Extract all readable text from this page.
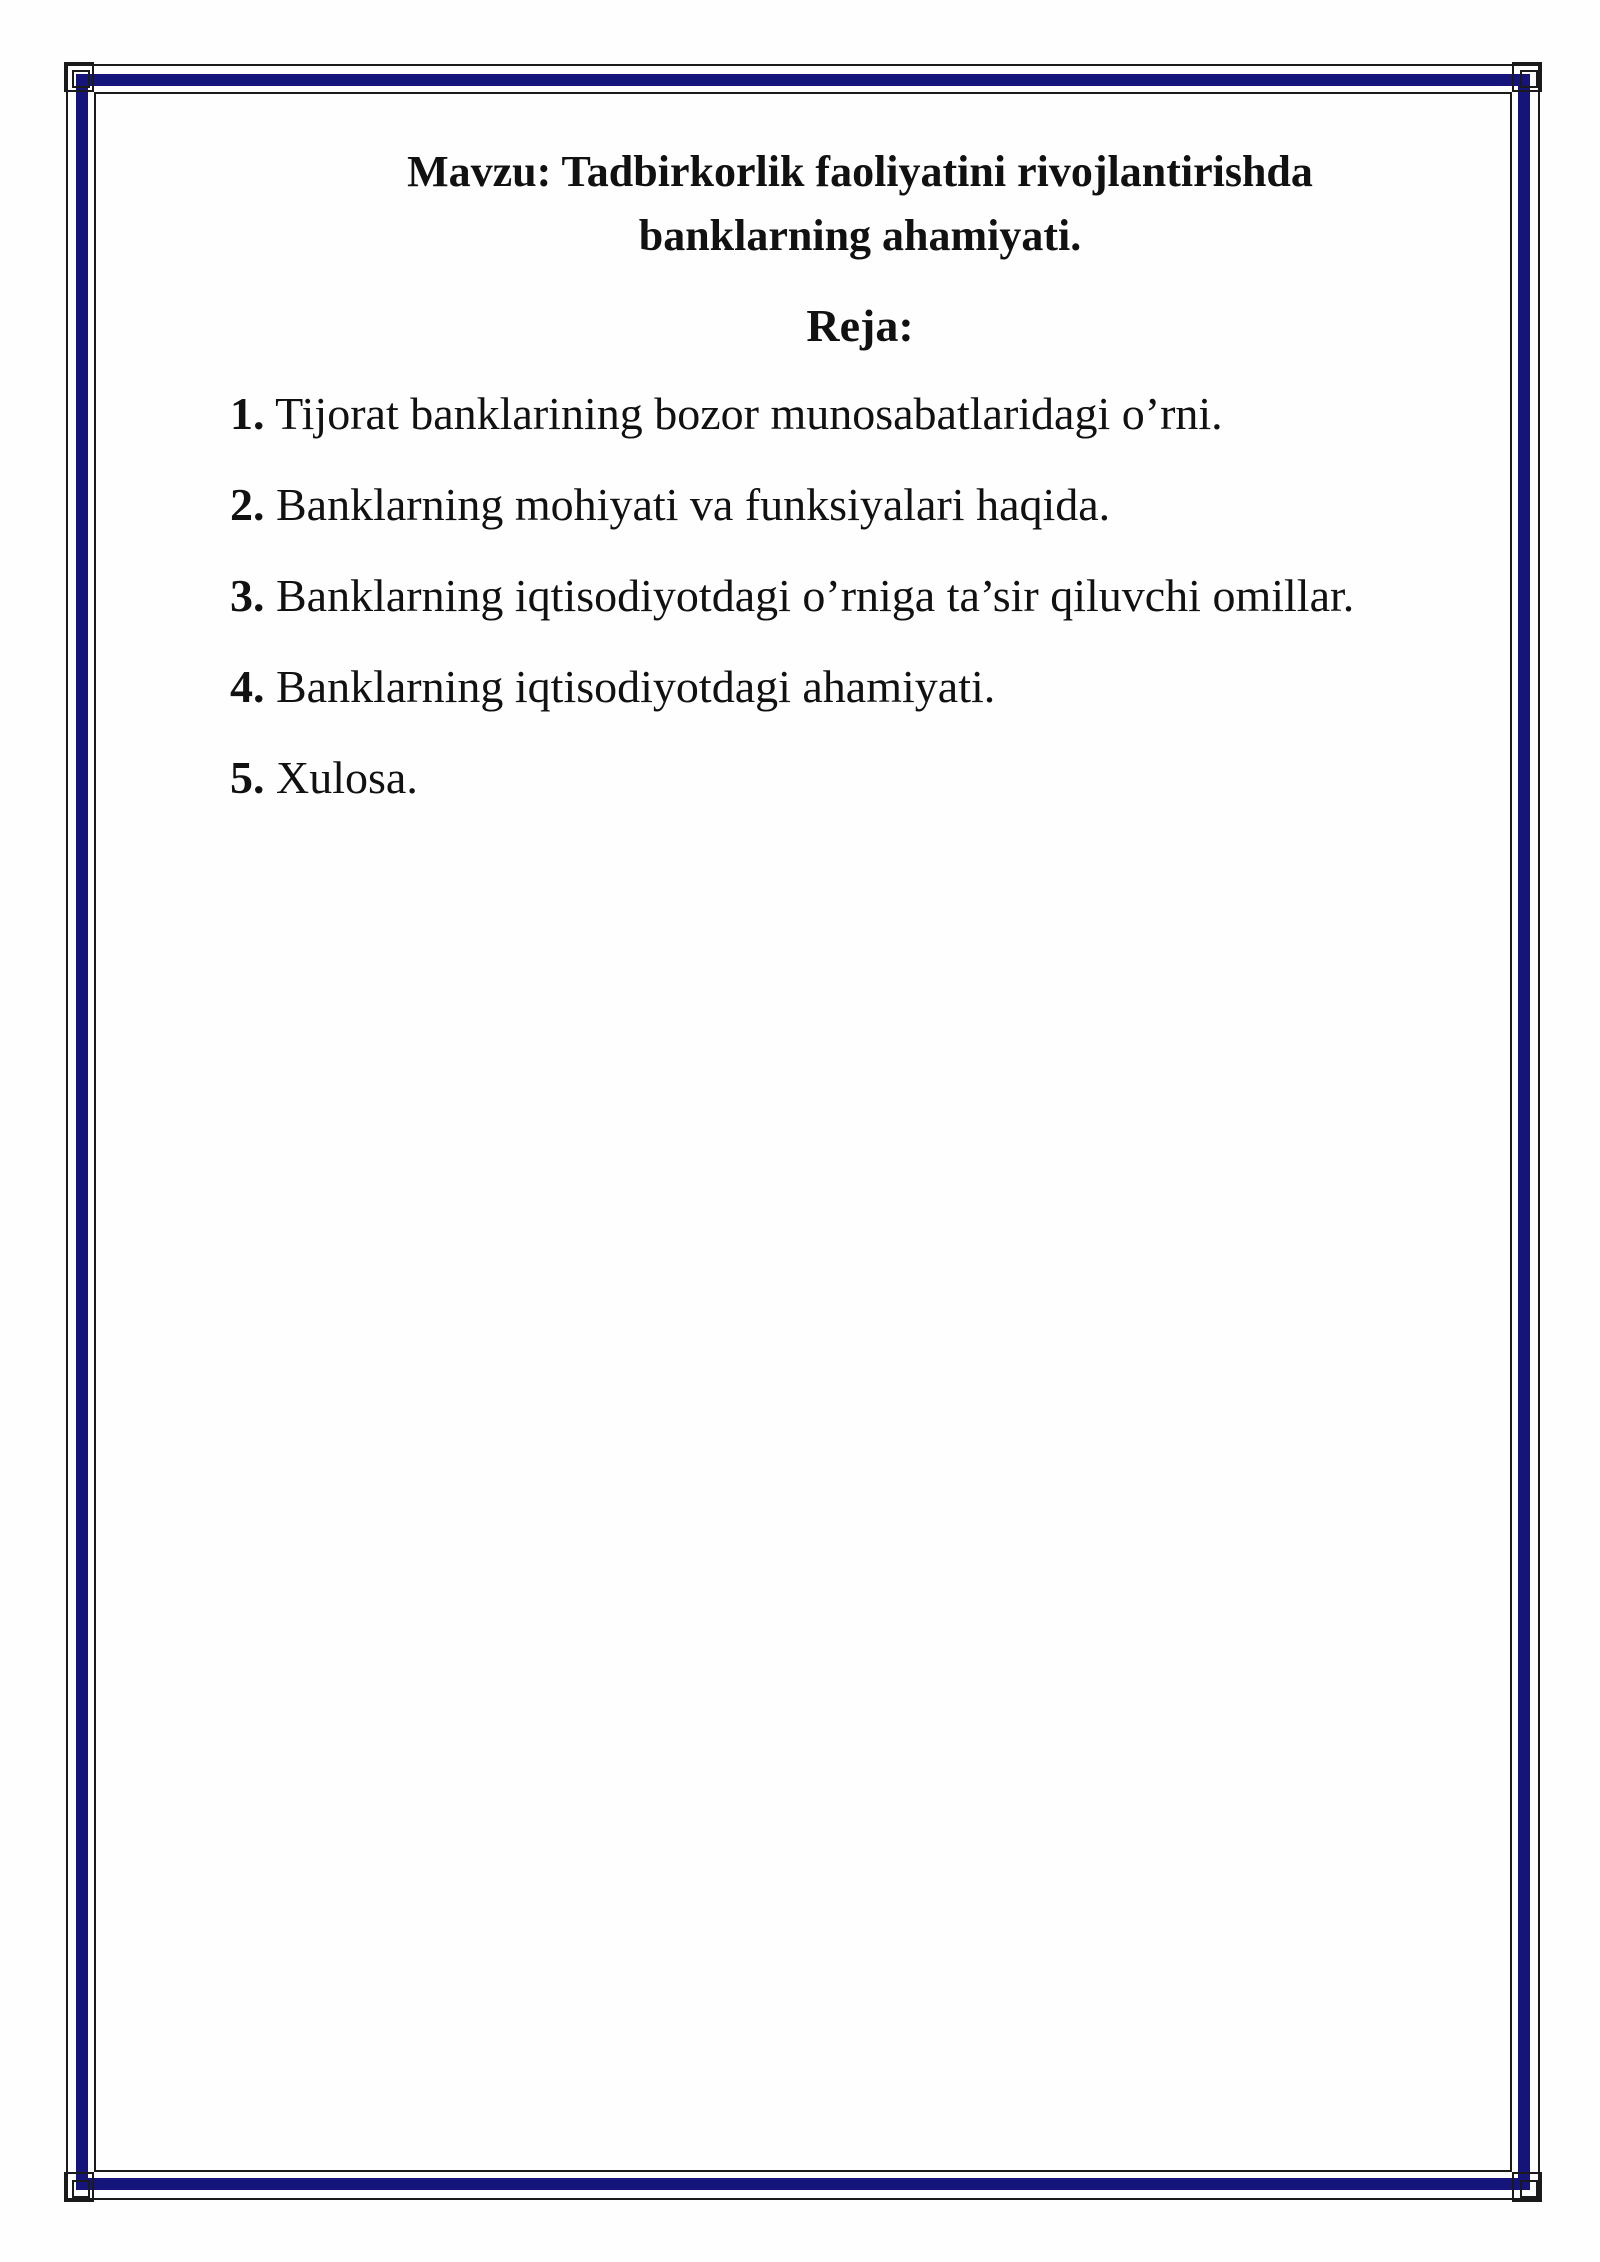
Mavzu: Tadbirkorlik faoliyatini rivojlantirishda
banklarning ahamiyati.
Reja:
1. Tijorat banklarining bozor munosabatlaridagi o’rni.
2. Banklarning mohiyati va funksiyalari haqida.
3. Banklarning iqtisodiyotdagi o’rniga ta’sir qiluvchi omillar.
4. Banklarning iqtisodiyotdagi ahamiyati.
5. Xulosa.
